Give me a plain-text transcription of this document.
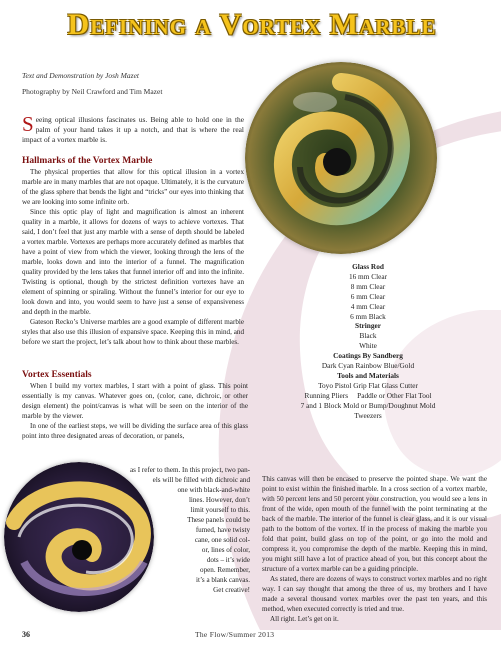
Defining a Vortex Marble
Text and Demonstration by Josh Mazet
Photography by Neil Crawford and Tim Mazet
Seeing optical illusions fascinates us. Being able to hold one in the palm of your hand takes it up a notch, and that is where the real impact of a vortex marble is.
Hallmarks of the Vortex Marble

The physical properties that allow for this optical illusion in a vortex marble are in many marbles that are not opaque. Ultimately, it is the curvature of the glass sphere that bends the light and “tricks” our eyes into thinking that we are looking into some infinite orb.

Since this optic play of light and magnification is almost an inherent quality in a marble, it allows for dozens of ways to achieve vortexes. That said, I don’t feel that just any marble with a sense of depth should be labeled a vortex marble. Vortexes are perhaps more accurately defined as marbles that have a point of view from which the viewer, looking through the lens of the marble, looks down and into the interior of a funnel. The magnification quality provided by the lens takes that funnel interior off and into the infinite. Twisting is optional, though by the strictest definition vortexes have an element of spinning or spiraling. Without the funnel’s interior for our eye to look down and into, you would seem to have just a sense of expansiveness and depth in the marble.

Gateson Recko’s Universe marbles are a good example of different marble styles that also use this illusion of expansive space. Keeping this in mind, and before we start the project, let’s talk about how to think about these marbles.

Vortex Essentials

When I build my vortex marbles, I start with a point of glass. This point essentially is my canvas. Whatever goes on, (color, cane, dichroic, or other design element) the point/canvas is what will be seen on the interior of the marble by the viewer.

In one of the earliest steps, we will be dividing the surface area of this glass point into three designated areas of decoration, or panels,

as I refer to them. In this project, two pan-
els will be filled with dichroic and
one with black-and-white
lines. However, don’t
limit yourself to this.
These panels could be
fumed, have twisty
cane, one solid col-
or, lines of color,
dots – it’s wide
open. Remember,
it’s a blank canvas.
Get creative!
Glass Rod
16 mm Clear
8 mm Clear
6 mm Clear
4 mm Clear
6 mm Black
Stringer
Black
White
Coatings By Sandberg
Dark Cyan Rainbow Blue/Gold
Tools and Materials
Toyo Pistol Grip Flat Glass Cutter
Running Pliers     Paddle or Other Flat Tool
7 and 1 Block Mold or Bump/Doughnut Mold
Tweezers

This canvas will then be encased to preserve the pointed shape. We want the point to exist within the finished marble. In a cross section of a vortex marble, with 50 percent lens and 50 percent your construction, you would see a lens in front of the wide, open mouth of the funnel with the point terminating at the back of the marble. The interior of the funnel is clear glass, and it is our visual path to the bottom of the vortex. If in the process of making the marble you fold that point, build glass on top of the point, or go into the mold and compress it, you compromise the depth of the marble. Keeping this in mind, you might still have a lot of practice ahead of you, but this concept about the structure of a vortex marble can be a guiding principle.

As stated, there are dozens of ways to construct vortex marbles and no right way. I can say thought that among the three of us, my brothers and I have made a several thousand vortex marbles over the past ten years, and this method, when executed correctly is tried and true.

All right. Let’s get on it.

36	The Flow/Summer 2013
